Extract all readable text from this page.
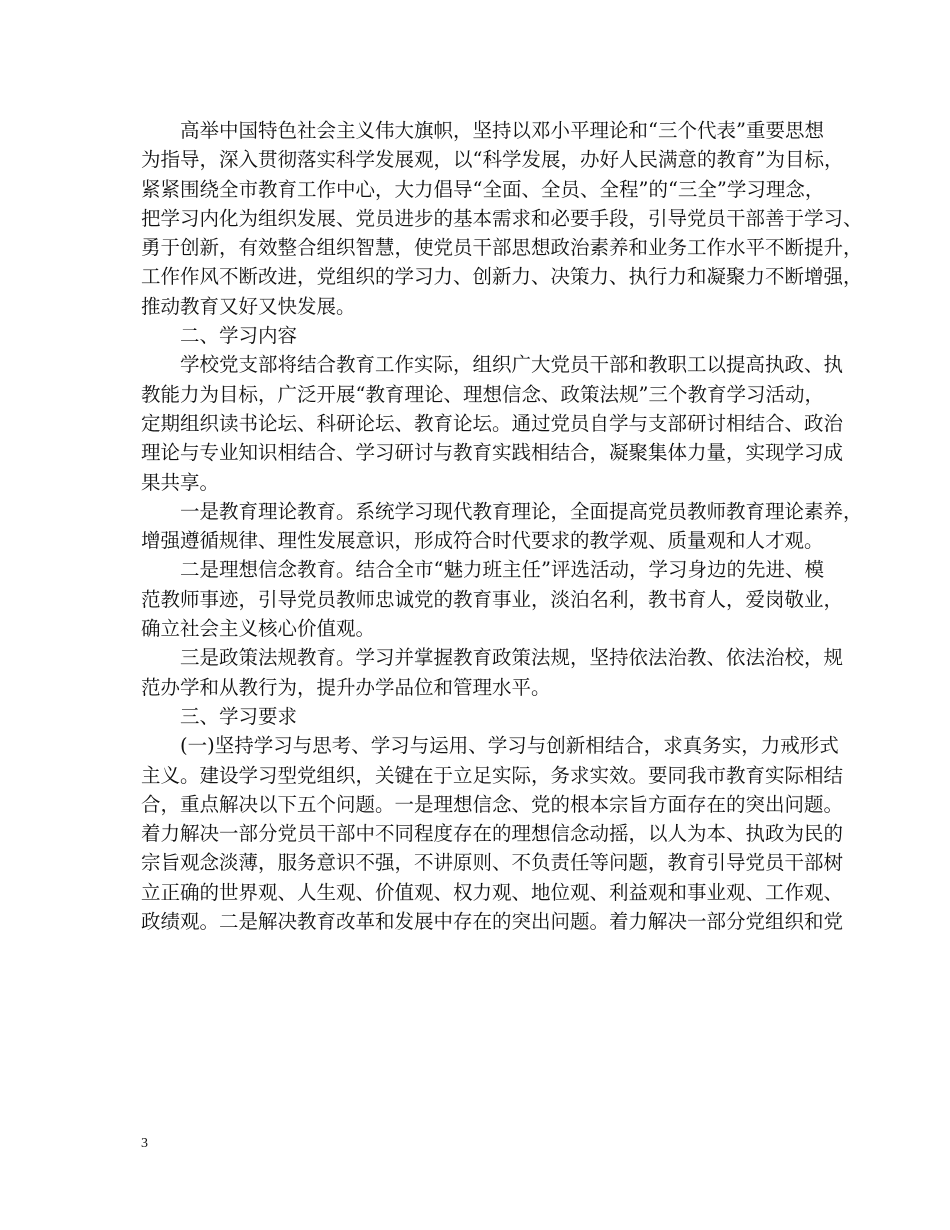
高举中国特色社会主义伟大旗帜，坚持以邓小平理论和“三个代表”重要思想
为指导，深入贯彻落实科学发展观，以“科学发展，办好人民满意的教育”为目标，
紧紧围绕全市教育工作中心，大力倡导“全面、全员、全程”的“三全”学习理念，
把学习内化为组织发展、党员进步的基本需求和必要手段，引导党员干部善于学习、
勇于创新，有效整合组织智慧，使党员干部思想政治素养和业务工作水平不断提升，
工作作风不断改进，党组织的学习力、创新力、决策力、执行力和凝聚力不断增强，
推动教育又好又快发展。
二、学习内容
学校党支部将结合教育工作实际，组织广大党员干部和教职工以提高执政、执
教能力为目标，广泛开展“教育理论、理想信念、政策法规”三个教育学习活动，
定期组织读书论坛、科研论坛、教育论坛。通过党员自学与支部研讨相结合、政治
理论与专业知识相结合、学习研讨与教育实践相结合，凝聚集体力量，实现学习成
果共享。
一是教育理论教育。系统学习现代教育理论，全面提高党员教师教育理论素养，
增强遵循规律、理性发展意识，形成符合时代要求的教学观、质量观和人才观。
二是理想信念教育。结合全市“魅力班主任”评选活动，学习身边的先进、模
范教师事迹，引导党员教师忠诚党的教育事业，淡泊名利，教书育人，爱岗敬业，
确立社会主义核心价值观。
三是政策法规教育。学习并掌握教育政策法规，坚持依法治教、依法治校，规
范办学和从教行为，提升办学品位和管理水平。
三、学习要求
(一)坚持学习与思考、学习与运用、学习与创新相结合，求真务实，力戒形式
主义。建设学习型党组织，关键在于立足实际，务求实效。要同我市教育实际相结
合，重点解决以下五个问题。一是理想信念、党的根本宗旨方面存在的突出问题。
着力解决一部分党员干部中不同程度存在的理想信念动摇，以人为本、执政为民的
宗旨观念淡薄，服务意识不强，不讲原则、不负责任等问题，教育引导党员干部树
立正确的世界观、人生观、价值观、权力观、地位观、利益观和事业观、工作观、
政绩观。二是解决教育改革和发展中存在的突出问题。着力解决一部分党组织和党
3
